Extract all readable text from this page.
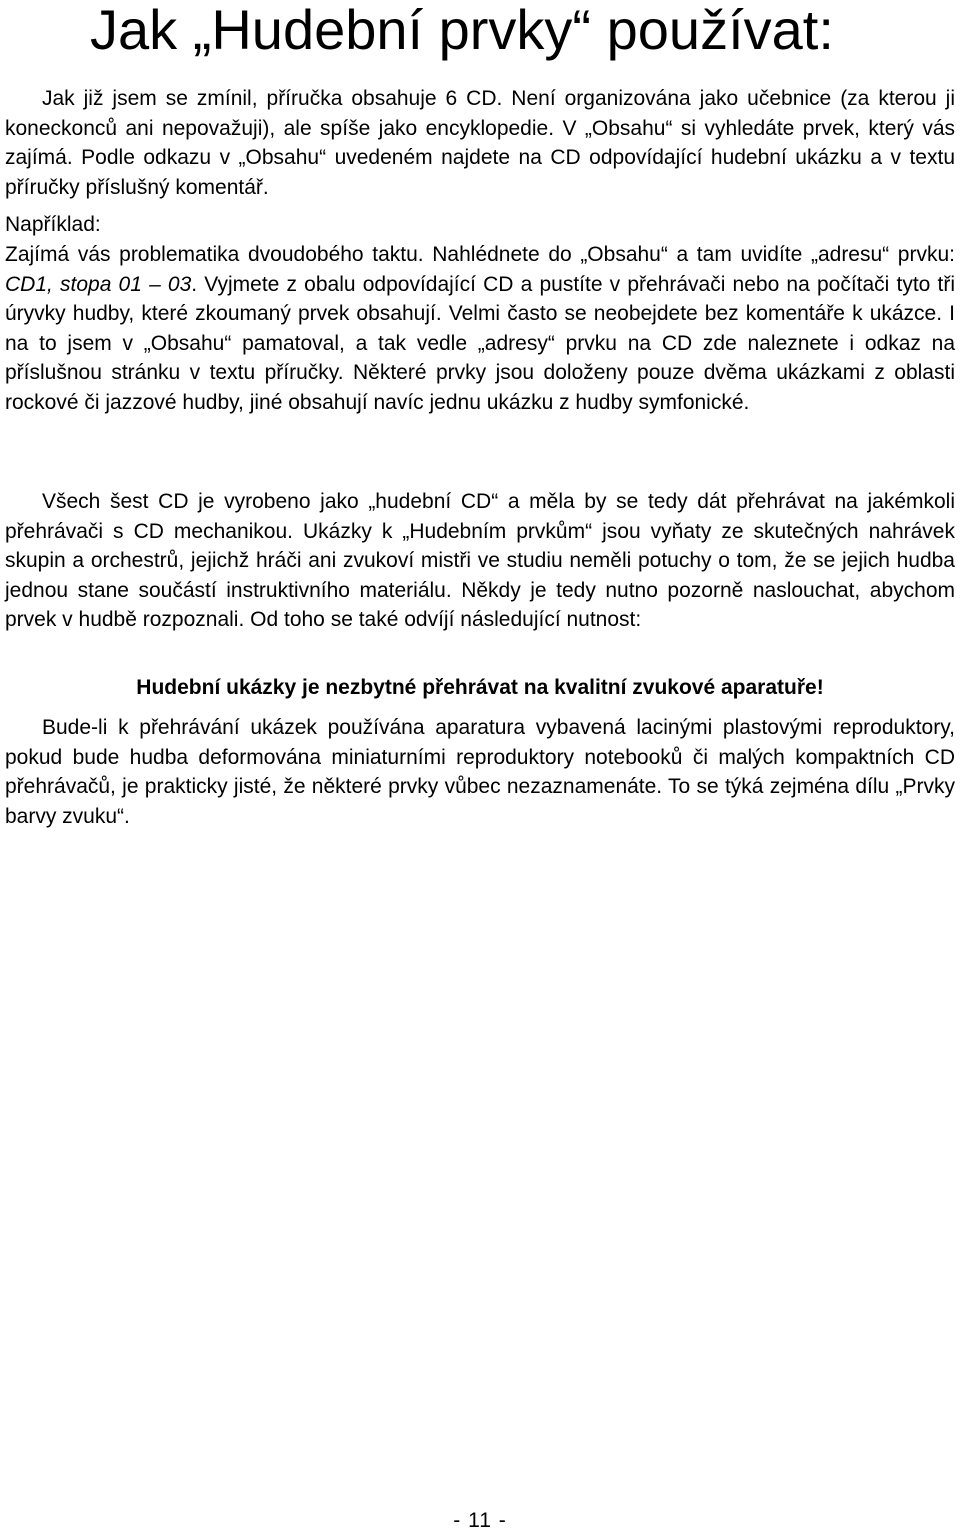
Jak „Hudební prvky“ používat:

Jak již jsem se zmínil, příručka obsahuje 6 CD. Není organizována jako učebnice (za kterou ji koneckonců ani nepovažuji), ale spíše jako encyklopedie. V „Obsahu“ si vyhledáte prvek, který vás zajímá. Podle odkazu v „Obsahu“ uvedeném najdete na CD odpovídající hudební ukázku a v textu příručky příslušný komentář.

Například:

Zajímá vás problematika dvoudobého taktu. Nahlédnete do „Obsahu“ a tam uvidíte „adresu“ prvku: CD1, stopa 01 – 03. Vyjmete z obalu odpovídající CD a pustíte v přehrávači nebo na počítači tyto tři úryvky hudby, které zkoumaný prvek obsahují. Velmi často se neobejdete bez komentáře k ukázce. I na to jsem v „Obsahu“ pamatoval, a tak vedle „adresy“ prvku na CD zde naleznete i odkaz na příslušnou stránku v textu příručky. Některé prvky jsou doloženy pouze dvěma ukázkami z oblasti rockové či jazzové hudby, jiné obsahují navíc jednu ukázku z hudby symfonické.

Všech šest CD je vyrobeno jako „hudební CD“ a měla by se tedy dát přehrávat na jakémkoli přehrávači s CD mechanikou. Ukázky k „Hudebním prvkům“ jsou vyňaty ze skutečných nahrávek skupin a orchestrů, jejichž hráči ani zvukoví mistři ve studiu neměli potuchy o tom, že se jejich hudba jednou stane součástí instruktivního materiálu. Někdy je tedy nutno pozorně naslouchat, abychom prvek v hudbě rozpoznali. Od toho se také odvíjí následující nutnost:

Hudební ukázky je nezbytné přehrávat na kvalitní zvukové aparatuře!

Bude-li k přehrávání ukázek používána aparatura vybavená lacinými plastovými reproduktory, pokud bude hudba deformována miniaturními reproduktory notebooků či malých kompaktních CD přehrávačů, je prakticky jisté, že některé prvky vůbec nezaznamenáte. To se týká zejména dílu „Prvky barvy zvuku“.

- 11 -
